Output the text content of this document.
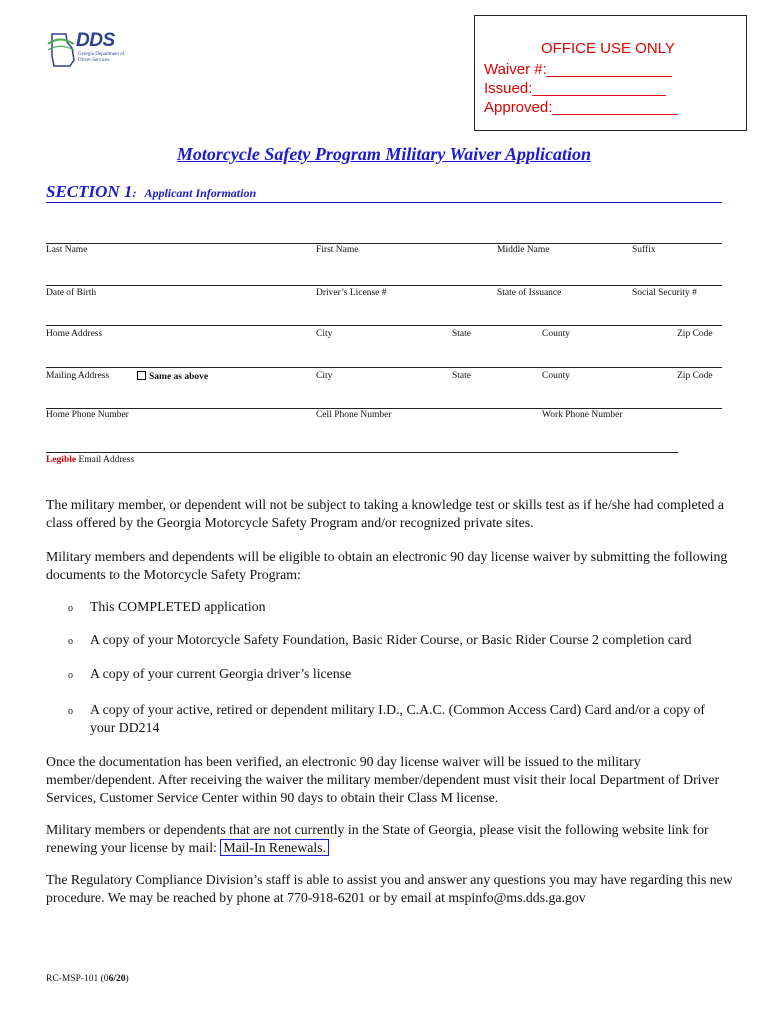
DDS
Georgia Department of Driver Services
OFFICE USE ONLY
Waiver #:_______________
Issued:________________
Approved:_______________
Motorcycle Safety Program Military Waiver Application
SECTION 1: Applicant Information
Last Name	First Name	Middle Name	Suffix
Date of Birth	Driver’s License #	State of Issuance	Social Security #
Home Address	City	State	County	Zip Code
Mailing Address	Same as above	City	State	County	Zip Code
Home Phone Number	Cell Phone Number	Work Phone Number
Legible Email Address
The military member, or dependent will not be subject to taking a knowledge test or skills test as if he/she had completed a class offered by the Georgia Motorcycle Safety Program and/or recognized private sites.
Military members and dependents will be eligible to obtain an electronic 90 day license waiver by submitting the following documents to the Motorcycle Safety Program:
o This COMPLETED application
o A copy of your Motorcycle Safety Foundation, Basic Rider Course, or Basic Rider Course 2 completion card
o A copy of your current Georgia driver’s license
o A copy of your active, retired or dependent military I.D., C.A.C. (Common Access Card) Card and/or a copy of your DD214
Once the documentation has been verified, an electronic 90 day license waiver will be issued to the military member/dependent. After receiving the waiver the military member/dependent must visit their local Department of Driver Services, Customer Service Center within 90 days to obtain their Class M license.
Military members or dependents that are not currently in the State of Georgia, please visit the following website link for renewing your license by mail: Mail-In Renewals.
The Regulatory Compliance Division’s staff is able to assist you and answer any questions you may have regarding this new procedure. We may be reached by phone at 770-918-6201 or by email at mspinfo@ms.dds.ga.gov
RC-MSP-101 (06/20)
